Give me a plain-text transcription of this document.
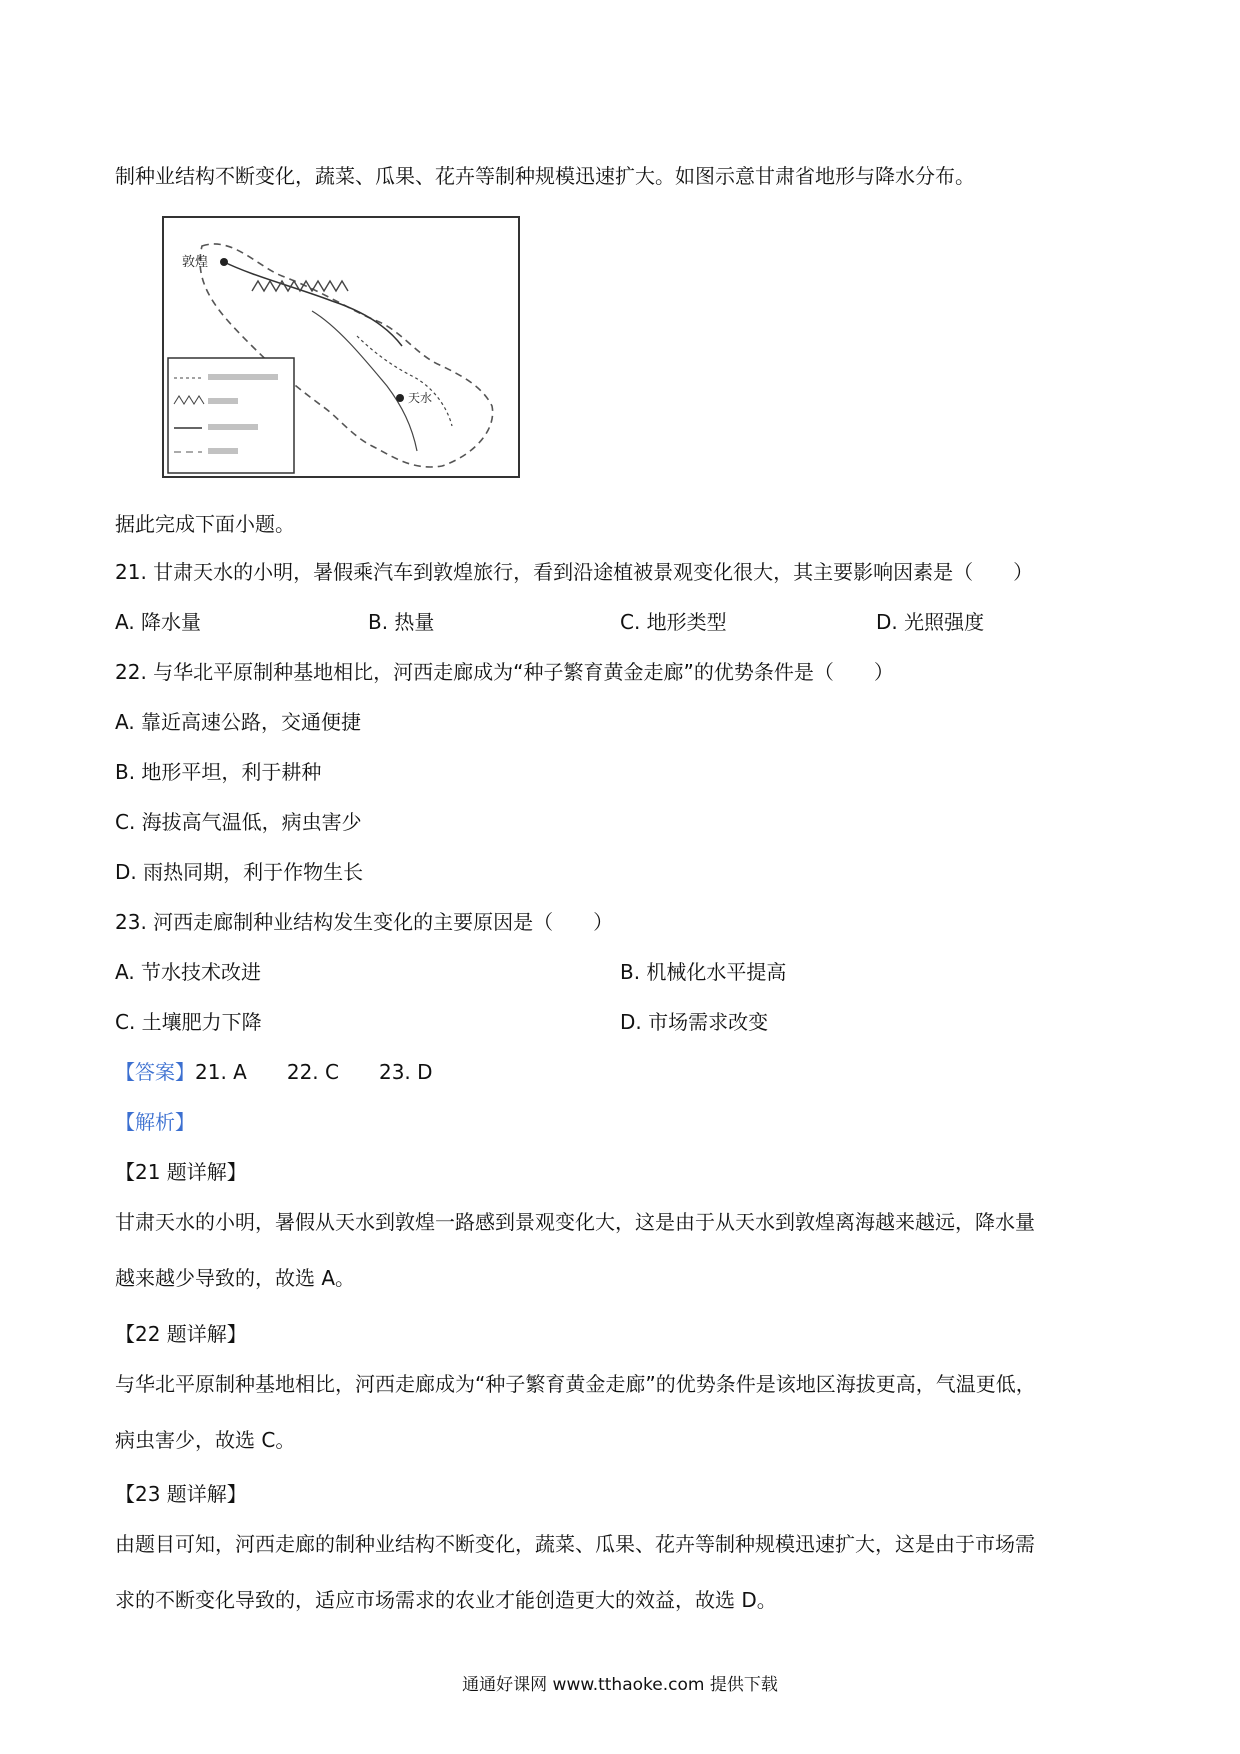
制种业结构不断变化，蔬菜、瓜果、花卉等制种规模迅速扩大。如图示意甘肃省地形与降水分布。
敦煌
天水
据此完成下面小题。
21. 甘肃天水的小明，暑假乘汽车到敦煌旅行，看到沿途植被景观变化很大，其主要影响因素是（　　）
A. 降水量	B. 热量	C. 地形类型	D. 光照强度
22. 与华北平原制种基地相比，河西走廊成为“种子繁育黄金走廊”的优势条件是（　　）
A. 靠近高速公路，交通便捷
B. 地形平坦，利于耕种
C. 海拔高气温低，病虫害少
D. 雨热同期，利于作物生长
23. 河西走廊制种业结构发生变化的主要原因是（　　）
A. 节水技术改进	B. 机械化水平提高
C. 土壤肥力下降	D. 市场需求改变
【答案】21. A　　22. C　　23. D
【解析】
【21 题详解】
甘肃天水的小明，暑假从天水到敦煌一路感到景观变化大，这是由于从天水到敦煌离海越来越远，降水量
越来越少导致的，故选 A。
【22 题详解】
与华北平原制种基地相比，河西走廊成为“种子繁育黄金走廊”的优势条件是该地区海拔更高，气温更低，
病虫害少，故选 C。
【23 题详解】
由题目可知，河西走廊的制种业结构不断变化，蔬菜、瓜果、花卉等制种规模迅速扩大，这是由于市场需
求的不断变化导致的，适应市场需求的农业才能创造更大的效益，故选 D。
通通好课网 www.tthaoke.com 提供下载
